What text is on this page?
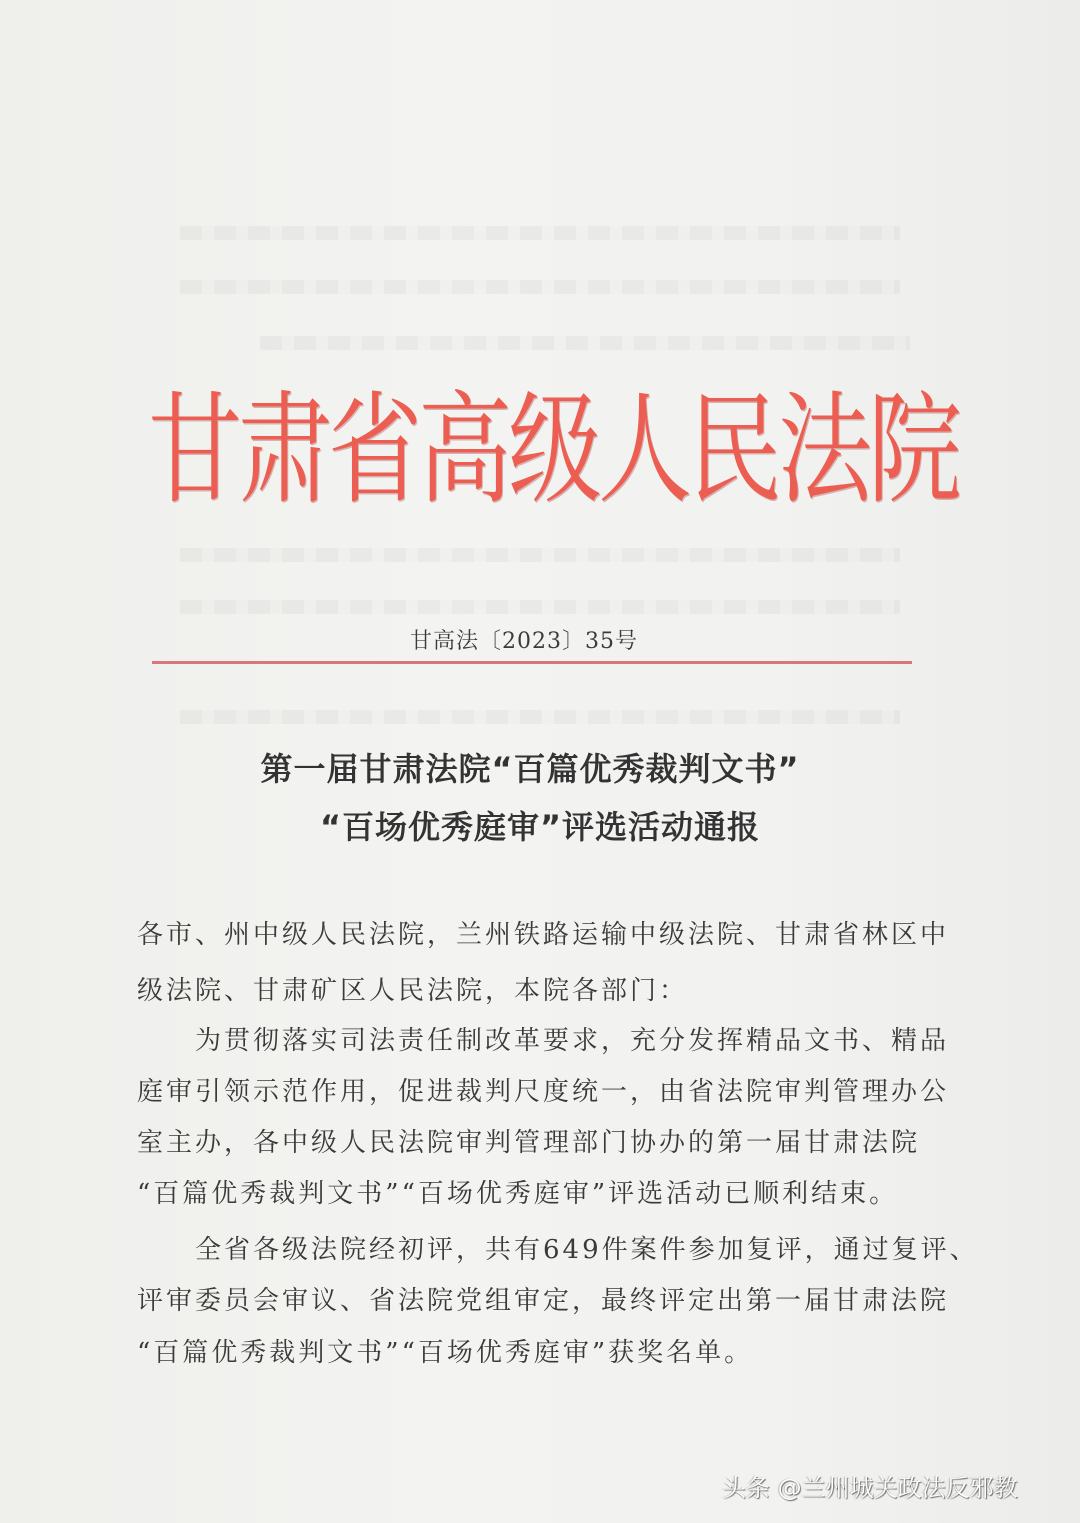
甘肃省高级人民法院
甘高法〔2023〕35号
第一届甘肃法院“百篇优秀裁判文书”
“百场优秀庭审”评选活动通报
各市、州中级人民法院，兰州铁路运输中级法院、甘肃省林区中
级法院、甘肃矿区人民法院，本院各部门：
　　为贯彻落实司法责任制改革要求，充分发挥精品文书、精品
庭审引领示范作用，促进裁判尺度统一，由省法院审判管理办公
室主办，各中级人民法院审判管理部门协办的第一届甘肃法院
“百篇优秀裁判文书”“百场优秀庭审”评选活动已顺利结束。
　　全省各级法院经初评，共有649件案件参加复评，通过复评、
评审委员会审议、省法院党组审定，最终评定出第一届甘肃法院
“百篇优秀裁判文书”“百场优秀庭审”获奖名单。
头条 @兰州城关政法反邪教
